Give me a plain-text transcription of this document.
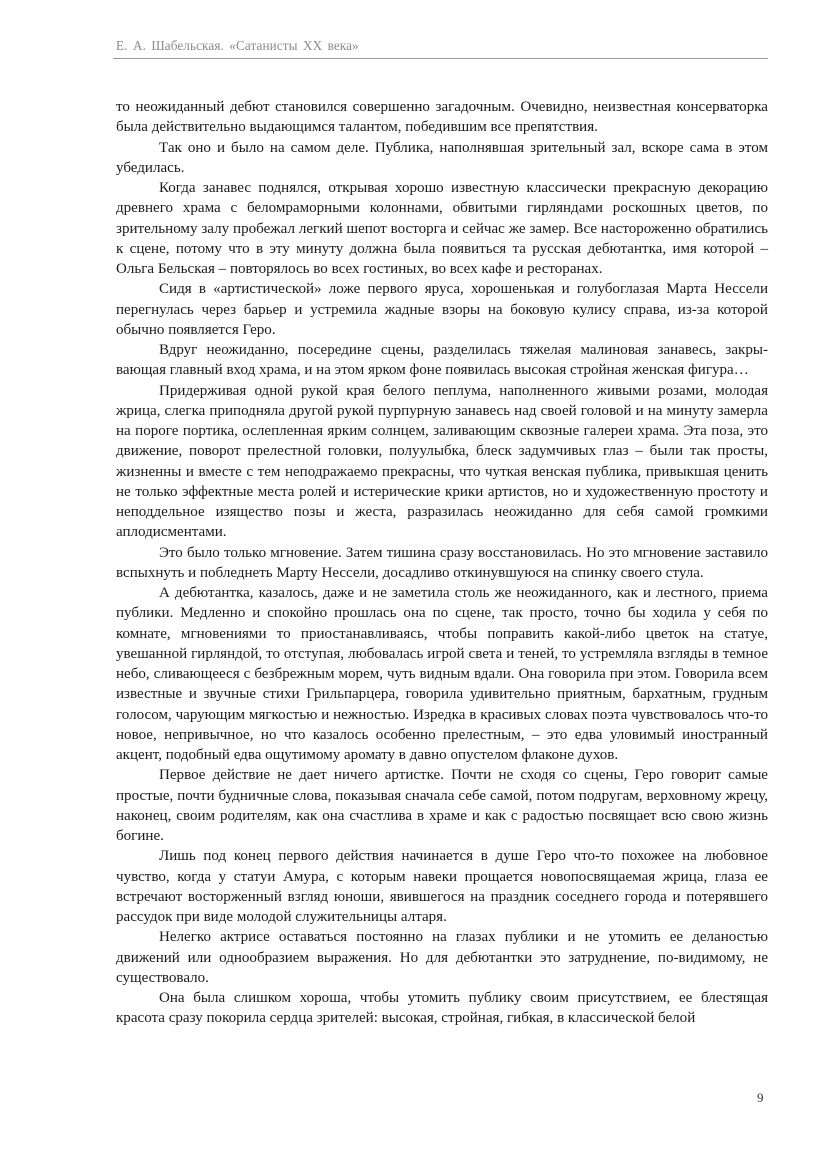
Е. А. Шабельская. «Сатанисты XX века»

то неожиданный дебют становился совершенно загадочным. Очевидно, неизвестная консерваторка была действительно выдающимся талантом, победившим все препятствия.

Так оно и было на самом деле. Публика, наполнявшая зрительный зал, вскоре сама в этом убедилась.

Когда занавес поднялся, открывая хорошо известную классически прекрасную декорацию древнего храма с беломраморными колоннами, обвитыми гирляндами роскошных цветов, по зрительному залу пробежал легкий шепот восторга и сейчас же замер. Все настороженно обратились к сцене, потому что в эту минуту должна была появиться та русская дебютантка, имя которой – Ольга Бельская – повторялось во всех гостиных, во всех кафе и ресторанах.

Сидя в «артистической» ложе первого яруса, хорошенькая и голубоглазая Марта Нессели перегнулась через барьер и устремила жадные взоры на боковую кулису справа, из-за которой обычно появляется Геро.

Вдруг неожиданно, посередине сцены, разделилась тяжелая малиновая занавесь, закрывающая главный вход храма, и на этом ярком фоне появилась высокая стройная женская фигура…

Придерживая одной рукой края белого пеплума, наполненного живыми розами, молодая жрица, слегка приподняла другой рукой пурпурную занавесь над своей головой и на минуту замерла на пороге портика, ослепленная ярким солнцем, заливающим сквозные галереи храма. Эта поза, это движение, поворот прелестной головки, полуулыбка, блеск задумчивых глаз – были так просты, жизненны и вместе с тем неподражаемо прекрасны, что чуткая венская публика, привыкшая ценить не только эффектные места ролей и истерические крики артистов, но и художественную простоту и неподдельное изящество позы и жеста, разразилась неожиданно для себя самой громкими аплодисментами.

Это было только мгновение. Затем тишина сразу восстановилась. Но это мгновение заставило вспыхнуть и побледнеть Марту Нессели, досадливо откинувшуюся на спинку своего стула.

А дебютантка, казалось, даже и не заметила столь же неожиданного, как и лестного, приема публики. Медленно и спокойно прошлась она по сцене, так просто, точно бы ходила у себя по комнате, мгновениями то приостанавливаясь, чтобы поправить какой-либо цветок на статуе, увешанной гирляндой, то отступая, любовалась игрой света и теней, то устремляла взгляды в темное небо, сливающееся с безбрежным морем, чуть видным вдали. Она говорила при этом. Говорила всем известные и звучные стихи Грильпарцера, говорила удивительно приятным, бархатным, грудным голосом, чарующим мягкостью и нежностью. Изредка в красивых словах поэта чувствовалось что-то новое, непривычное, но что казалось особенно прелестным, – это едва уловимый иностранный акцент, подобный едва ощутимому аромату в давно опустелом флаконе духов.

Первое действие не дает ничего артистке. Почти не сходя со сцены, Геро говорит самые простые, почти будничные слова, показывая сначала себе самой, потом подругам, верховному жрецу, наконец, своим родителям, как она счастлива в храме и как с радостью посвящает всю свою жизнь богине.

Лишь под конец первого действия начинается в душе Геро что-то похожее на любовное чувство, когда у статуи Амура, с которым навеки прощается новопосвящаемая жрица, глаза ее встречают восторженный взгляд юноши, явившегося на праздник соседнего города и потерявшего рассудок при виде молодой служительницы алтаря.

Нелегко актрисе оставаться постоянно на глазах публики и не утомить ее деланостью движений или однообразием выражения. Но для дебютантки это затруднение, по-видимому, не существовало.

Она была слишком хороша, чтобы утомить публику своим присутствием, ее блестящая красота сразу покорила сердца зрителей: высокая, стройная, гибкая, в классической белой

9
